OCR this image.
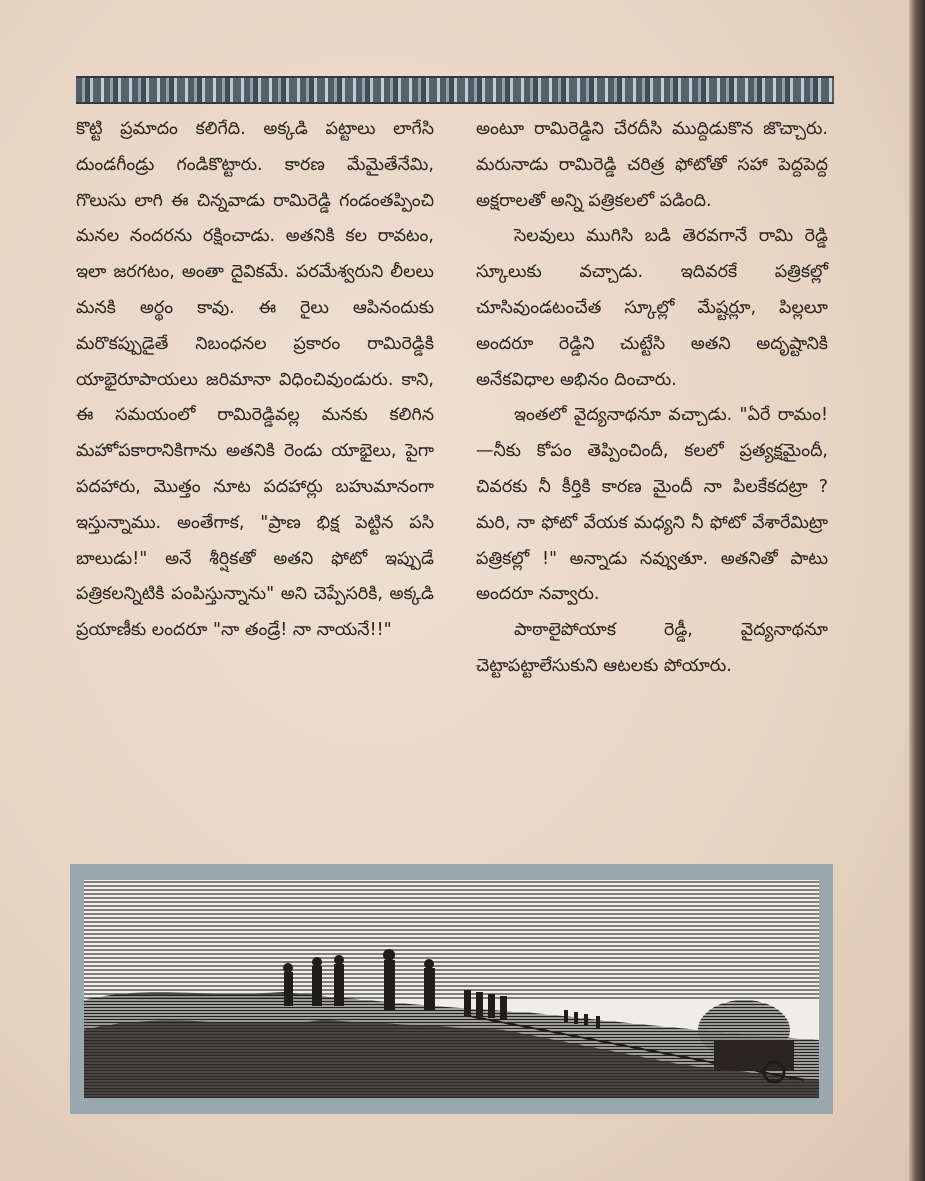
కొట్టి ప్రమాదం కలిగేది. అక్కడి పట్టాలు లాగేసి దుండగీండ్రు గండికొట్టారు. కారణ మేమైతేనేమి, గొలుసు లాగి ఈ చిన్నవాడు రామిరెడ్డి గండంతప్పించి మనల నందరను రక్షించాడు. అతనికి కల రావటం, ఇలా జరగటం, అంతా దైవికమే. పరమేశ్వరుని లీలలు మనకి అర్థం కావు. ఈ రైలు ఆపినందుకు మరొకప్పుడైతే నిబంధనల ప్రకారం రామిరెడ్డికి యాభైరూపాయలు జరిమానా విధించివుండురు. కాని, ఈ సమయంలో రామిరెడ్డివల్ల మనకు కలిగిన మహోపకారానికిగాను అతనికి రెండు యాభైలు, పైగా పదహారు, మొత్తం నూట పదహార్లు బహుమానంగా ఇస్తున్నాము. అంతేగాక, "ప్రాణ భిక్ష పెట్టిన పసి బాలుడు!" అనే శీర్షికతో అతని ఫోటో ఇప్పుడే పత్రికలన్నిటికి పంపిస్తున్నాను" అని చెప్పేసరికి, అక్కడి ప్రయాణీకు లందరూ "నా తండ్రే! నా నాయనే!!"

అంటూ రామిరెడ్డిని చేరదీసి ముద్దిడుకొన జొచ్చారు. మరునాడు రామిరెడ్డి చరిత్ర ఫోటోతో సహా పెద్దపెద్ద అక్షరాలతో అన్ని పత్రికలలో పడింది.

సెలవులు ముగిసి బడి తెరవగానే రామి రెడ్డి స్కూలుకు వచ్చాడు. ఇదివరకే పత్రికల్లో చూసివుండటంచేత స్కూల్లో మేష్టర్లూ, పిల్లలూ అందరూ రెడ్డిని చుట్టేసి అతని అదృష్టానికి అనేకవిధాల అభినం దించారు.

ఇంతలో వైద్యనాథనూ వచ్చాడు. "ఏరే రామం!—నీకు కోపం తెప్పించిందీ, కలలో ప్రత్యక్షమైందీ, చివరకు నీ కీర్తికి కారణ మైందీ నా పిలకేకదట్రా ? మరి, నా ఫోటో వేయక మధ్యని నీ ఫోటో వేశారేమిట్రా పత్రికల్లో !" అన్నాడు నవ్వుతూ. అతనితో పాటు అందరూ నవ్వారు.

పాఠాలైపోయాక రెడ్డీ, వైద్యనాథనూ చెట్టాపట్టాలేసుకుని ఆటలకు పోయారు.
